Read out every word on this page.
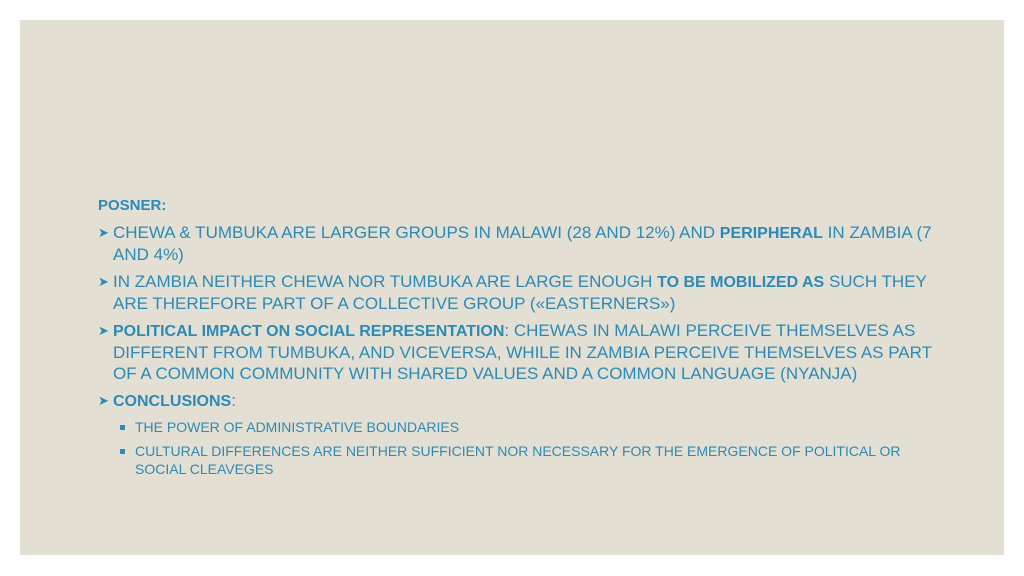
POSNER:
➤ CHEWA & TUMBUKA ARE LARGER GROUPS IN MALAWI (28 AND 12%) AND PERIPHERAL IN ZAMBIA (7 AND 4%)
➤ IN ZAMBIA NEITHER CHEWA NOR TUMBUKA ARE LARGE ENOUGH TO BE MOBILIZED AS SUCH THEY ARE THEREFORE PART OF A COLLECTIVE GROUP («EASTERNERS»)
➤ POLITICAL IMPACT ON SOCIAL REPRESENTATION: CHEWAS IN MALAWI PERCEIVE THEMSELVES AS DIFFERENT FROM TUMBUKA, AND VICEVERSA, WHILE IN ZAMBIA PERCEIVE THEMSELVES AS PART OF A COMMON COMMUNITY WITH SHARED VALUES AND A COMMON LANGUAGE (NYANJA)
➤ CONCLUSIONS:
THE POWER OF ADMINISTRATIVE BOUNDARIES
CULTURAL DIFFERENCES ARE NEITHER SUFFICIENT NOR NECESSARY FOR THE EMERGENCE OF POLITICAL OR SOCIAL CLEAVEGES
